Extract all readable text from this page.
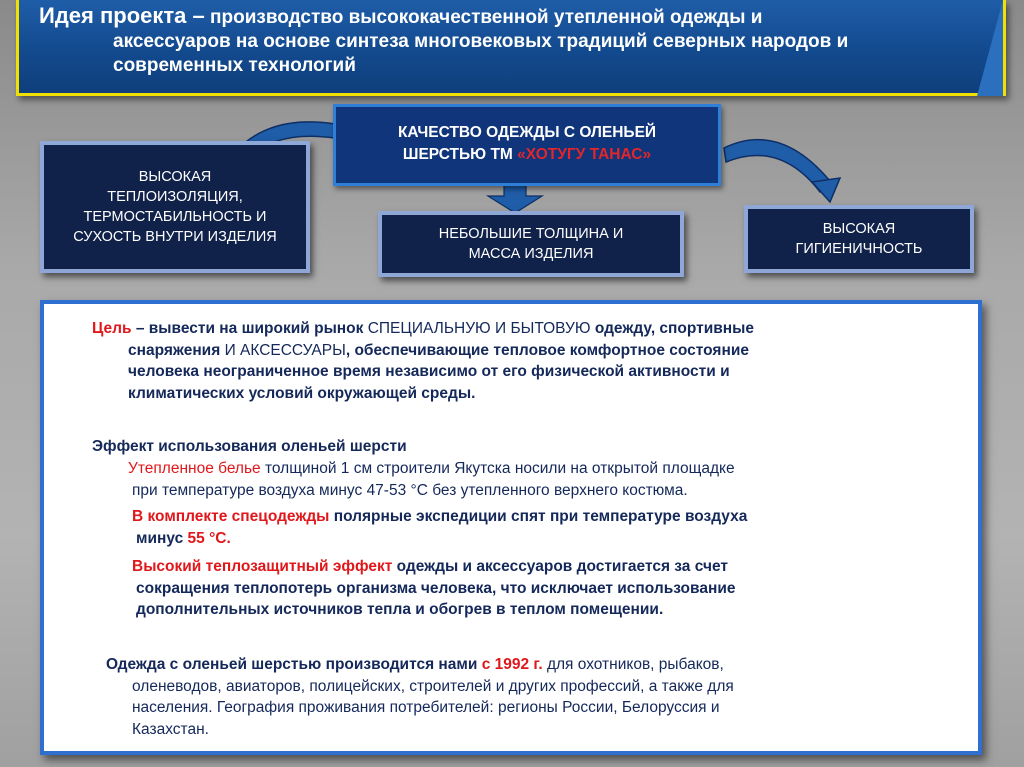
Идея проекта – производство высококачественной утепленной одежды и
аксессуаров на основе синтеза многовековых традиций северных народов и
современных технологий
КАЧЕСТВО ОДЕЖДЫ С ОЛЕНЬЕЙ
ШЕРСТЬЮ ТМ «ХОТУГУ ТАНАС»
ВЫСОКАЯ
ТЕПЛОИЗОЛЯЦИЯ,
ТЕРМОСТАБИЛЬНОСТЬ И
СУХОСТЬ ВНУТРИ ИЗДЕЛИЯ	НЕБОЛЬШИЕ ТОЛЩИНА И
МАССА ИЗДЕЛИЯ
ВЫСОКАЯ
ГИГИЕНИЧНОСТЬ
Цель – вывести на широкий рынок СПЕЦИАЛЬНУЮ И БЫТОВУЮ одежду, спортивные
снаряжения И АКСЕССУАРЫ, обеспечивающие тепловое комфортное состояние
человека неограниченное время независимо от его физической активности и
климатических условий окружающей среды.
Эффект использования оленьей шерсти
Утепленное белье толщиной 1 см строители Якутска носили на открытой площадке
при температуре воздуха минус 47-53 °С без утепленного верхнего костюма.
В комплекте спецодежды полярные экспедиции спят при температуре воздуха
минус 55 °С.
Высокий теплозащитный эффект одежды и аксессуаров достигается за счет
сокращения теплопотерь организма человека, что исключает использование
дополнительных источников тепла и обогрев в теплом помещении.
Одежда с оленьей шерстью производится нами с 1992 г. для охотников, рыбаков,
оленеводов, авиаторов, полицейских, строителей и других профессий, а также для
населения. География проживания потребителей: регионы России, Белоруссия и
Казахстан.
